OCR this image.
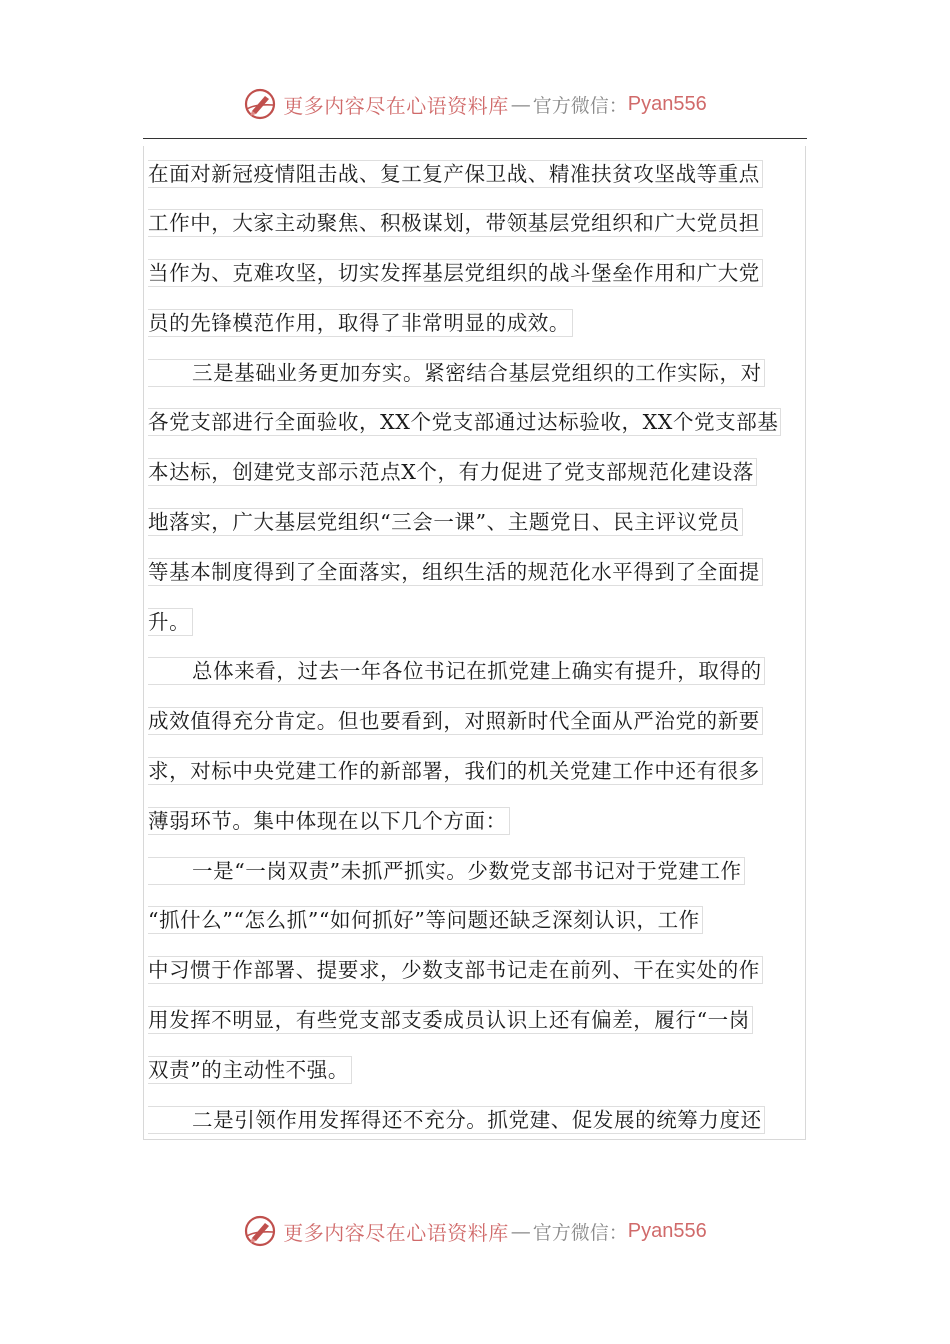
更多内容尽在心语资料库 — 官方微信： Pyan556
在面对新冠疫情阻击战、复工复产保卫战、精准扶贫攻坚战等重点
工作中，大家主动聚焦、积极谋划，带领基层党组织和广大党员担
当作为、克难攻坚，切实发挥基层党组织的战斗堡垒作用和广大党
员的先锋模范作用，取得了非常明显的成效。
三是基础业务更加夯实。紧密结合基层党组织的工作实际，对
各党支部进行全面验收，XX个党支部通过达标验收，XX个党支部基
本达标，创建党支部示范点X个，有力促进了党支部规范化建设落
地落实，广大基层党组织“三会一课”、主题党日、民主评议党员
等基本制度得到了全面落实，组织生活的规范化水平得到了全面提
升。
总体来看，过去一年各位书记在抓党建上确实有提升，取得的
成效值得充分肯定。但也要看到，对照新时代全面从严治党的新要
求，对标中央党建工作的新部署，我们的机关党建工作中还有很多
薄弱环节。集中体现在以下几个方面：
一是“一岗双责”未抓严抓实。少数党支部书记对于党建工作
“抓什么”“怎么抓”“如何抓好”等问题还缺乏深刻认识，工作
中习惯于作部署、提要求，少数支部书记走在前列、干在实处的作
用发挥不明显，有些党支部支委成员认识上还有偏差，履行“一岗
双责”的主动性不强。
二是引领作用发挥得还不充分。抓党建、促发展的统筹力度还
更多内容尽在心语资料库 — 官方微信： Pyan556
